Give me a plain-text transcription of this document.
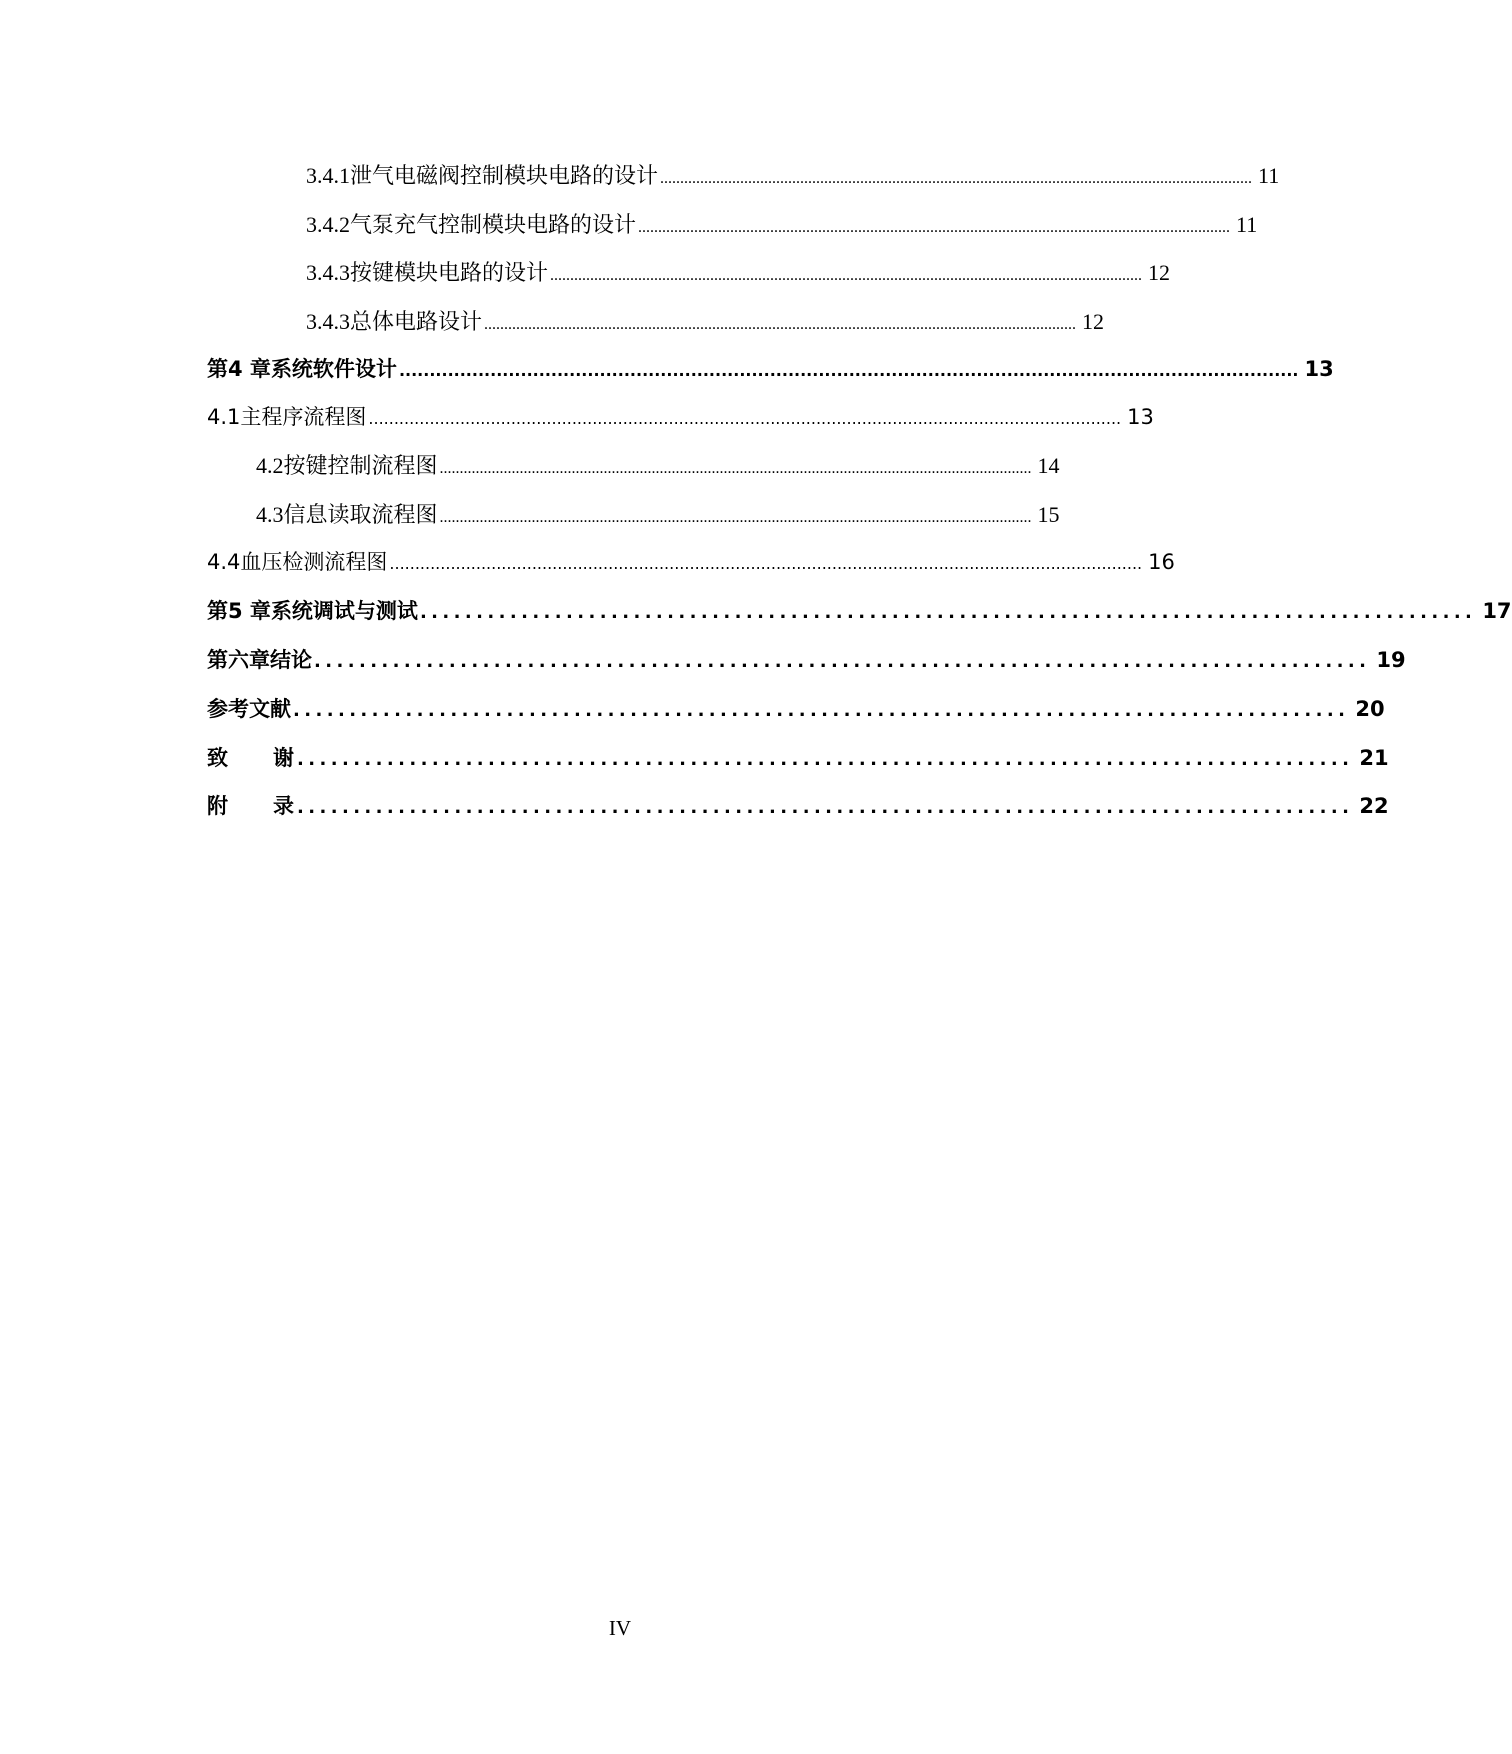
3.4.1 泄气电磁阀控制模块电路的设计 .................................................................................................................................................... 11
3.4.2 气泵充气控制模块电路的设计 .................................................................................................................................................... 11
3.4.3 按键模块电路的设计 .................................................................................................................................................... 12
3.4.3 总体电路设计 .................................................................................................................................................... 12
第4 章 系统软件设计 .................................................................................................................................................... 13
4.1 主程序流程图 .................................................................................................................................................... 13
4.2 按键控制流程图 .................................................................................................................................................... 14
4.3 信息读取流程图 .................................................................................................................................................... 15
4.4 血压检测流程图 .................................................................................................................................................... 16
第5 章 系统调试与测试 .............................................................................................. 17
第六章 结论 .............................................................................................. 19
参考文献 .............................................................................................. 20
致　　谢 .............................................................................................. 21
附　　录 .............................................................................................. 22
IV
